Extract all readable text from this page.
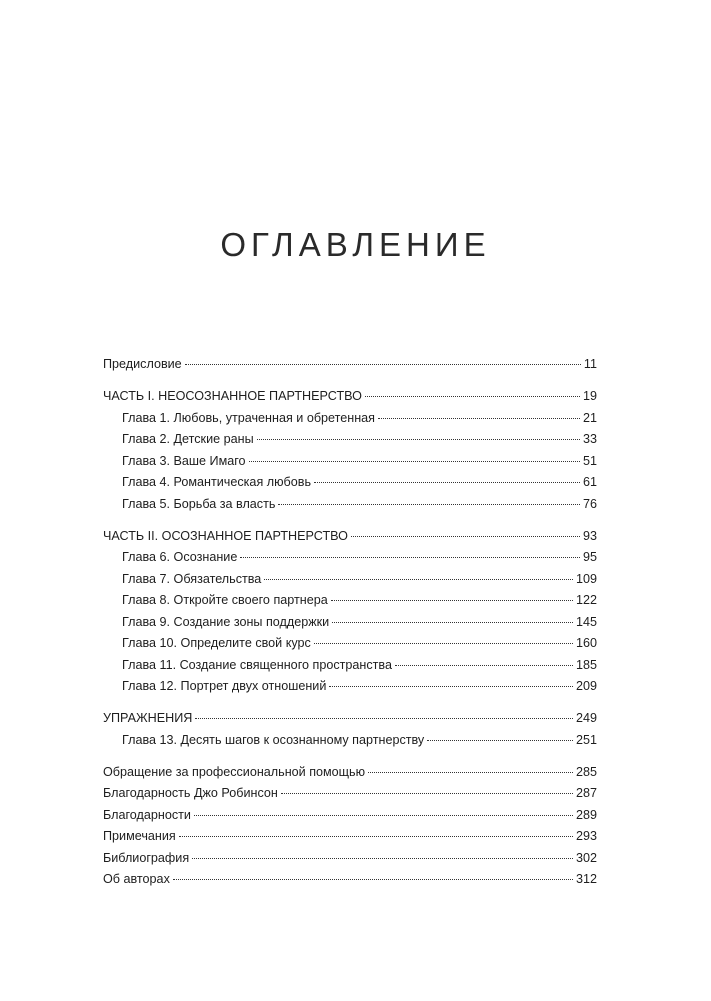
ОГЛАВЛЕНИЕ
Предисловие	11
ЧАСТЬ I. НЕОСОЗНАННОЕ ПАРТНЕРСТВО	19
Глава 1. Любовь, утраченная и обретенная	21
Глава 2. Детские раны	33
Глава 3. Ваше Имаго	51
Глава 4. Романтическая любовь	61
Глава 5. Борьба за власть	76
ЧАСТЬ II. ОСОЗНАННОЕ ПАРТНЕРСТВО	93
Глава 6. Осознание	95
Глава 7. Обязательства	109
Глава 8. Откройте своего партнера	122
Глава 9. Создание зоны поддержки	145
Глава 10. Определите свой курс	160
Глава 11. Создание священного пространства	185
Глава 12. Портрет двух отношений	209
УПРАЖНЕНИЯ	249
Глава 13. Десять шагов к осознанному партнерству	251
Обращение за профессиональной помощью	285
Благодарность Джо Робинсон	287
Благодарности	289
Примечания	293
Библиография	302
Об авторах	312
